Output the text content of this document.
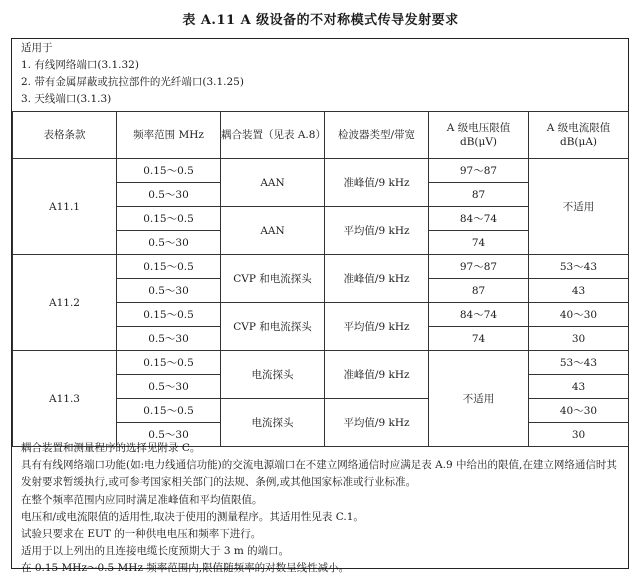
表 A.11 A 级设备的不对称模式传导发射要求
适用于
1. 有线网络端口(3.1.32)
2. 带有金属屏蔽或抗拉部件的光纤端口(3.1.25)
3. 天线端口(3.1.3)
表格条款	频率范围 MHz	耦合装置（见表 A.8）	检波器类型/带宽	A 级电压限值 dB(μV)	A 级电流限值 dB(μA)
A11.1	0.15～0.5	AAN	准峰值/9 kHz	97～87	不适用
	0.5～30			87	
	0.15～0.5	AAN	平均值/9 kHz	84～74	
	0.5～30			74	
A11.2	0.15～0.5	CVP 和电流探头	准峰值/9 kHz	97～87	53～43
	0.5～30			87	43
	0.15～0.5	CVP 和电流探头	平均值/9 kHz	84～74	40～30
	0.5～30			74	30
A11.3	0.15～0.5	电流探头	准峰值/9 kHz	不适用	53～43
	0.5～30				43
	0.15～0.5	电流探头	平均值/9 kHz		40～30
	0.5～30				30
耦合装置和测量程序的选择见附录 C。
具有有线网络端口功能(如:电力线通信功能)的交流电源端口在不建立网络通信时应满足表 A.9 中给出的限值,在建立网络通信时其发射要求暂缓执行,或可参考国家相关部门的法规、条例,或其他国家标准或行业标准。
在整个频率范围内应同时满足准峰值和平均值限值。
电压和/或电流限值的适用性,取决于使用的测量程序。其适用性见表 C.1。
试验只要求在 EUT 的一种供电电压和频率下进行。
适用于以上列出的且连接电缆长度预期大于 3 m 的端口。
在 0.15 MHz～0.5 MHz 频率范围内,限值随频率的对数呈线性减小。
